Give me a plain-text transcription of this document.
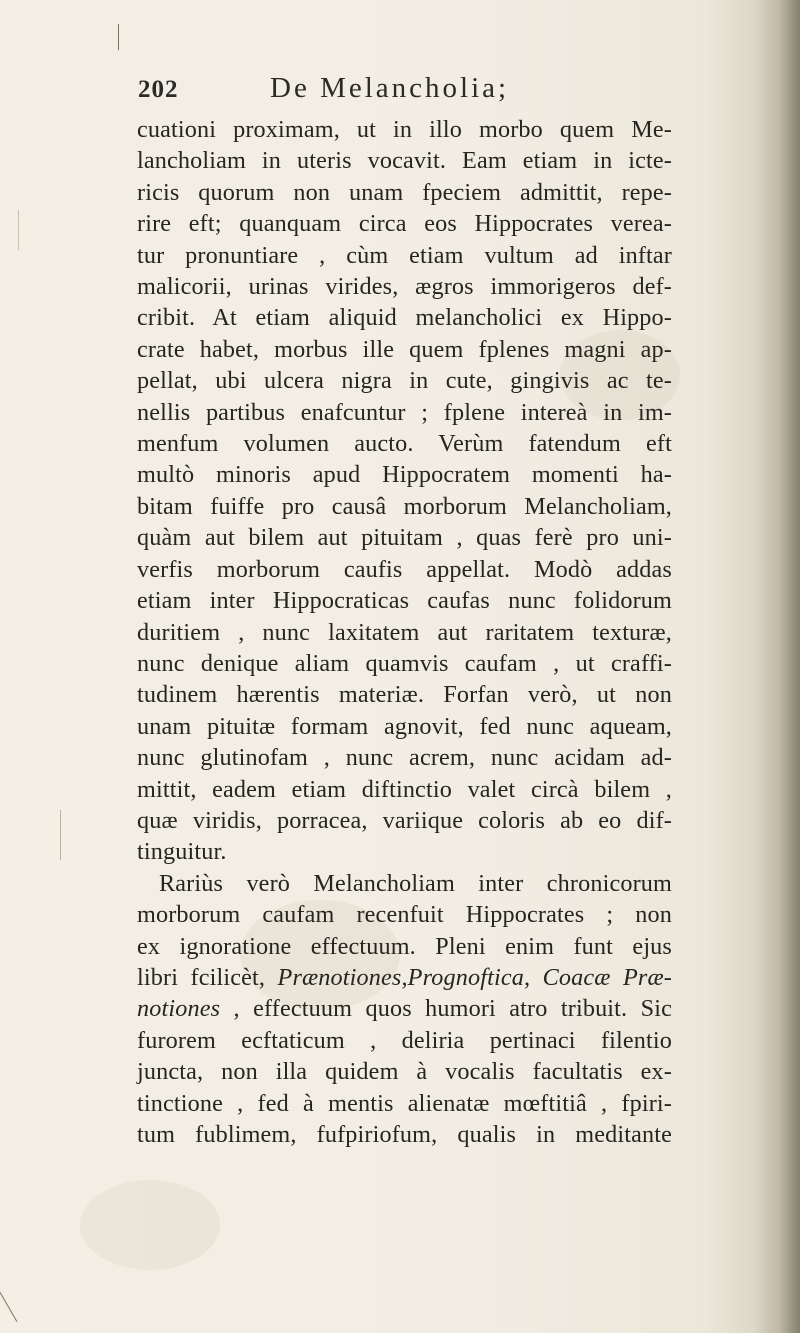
202	De Melancholia;
cuationi proximam, ut in illo morbo quem Me-
lancholiam in uteris vocavit. Eam etiam in icte-
ricis quorum non unam fpeciem admittit, repe-
rire eft; quanquam circa eos Hippocrates verea-
tur pronuntiare , cùm etiam vultum ad inftar
malicorii, urinas virides, ægros immorigeros def-
cribit. At etiam aliquid melancholici ex Hippo-
crate habet, morbus ille quem fplenes magni ap-
pellat, ubi ulcera nigra in cute, gingivis ac te-
nellis partibus enafcuntur ; fplene intereà in im-
menfum volumen aucto. Verùm fatendum eft
multò minoris apud Hippocratem momenti ha-
bitam fuiffe pro causâ morborum Melancholiam,
quàm aut bilem aut pituitam , quas ferè pro uni-
verfis morborum caufis appellat. Modò addas
etiam inter Hippocraticas caufas nunc folidorum
duritiem , nunc laxitatem aut raritatem texturæ,
nunc denique aliam quamvis caufam , ut craffi-
tudinem hærentis materiæ. Forfan verò, ut non
unam pituitæ formam agnovit, fed nunc aqueam,
nunc glutinofam , nunc acrem, nunc acidam ad-
mittit, eadem etiam diftinctio valet circà bilem ,
quæ viridis, porracea, variique coloris ab eo dif-
tinguitur.
Rariùs verò Melancholiam inter chronicorum
morborum caufam recenfuit Hippocrates ; non
ex ignoratione effectuum. Pleni enim funt ejus
libri fcilicèt, Prænotiones,Prognoftica, Coacæ Præ-
notiones , effectuum quos humori atro tribuit. Sic
furorem ecftaticum , deliria pertinaci filentio
juncta, non illa quidem à vocalis facultatis ex-
tinctione , fed à mentis alienatæ mœftitiâ , fpiri-
tum fublimem, fufpiriofum, qualis in meditante
